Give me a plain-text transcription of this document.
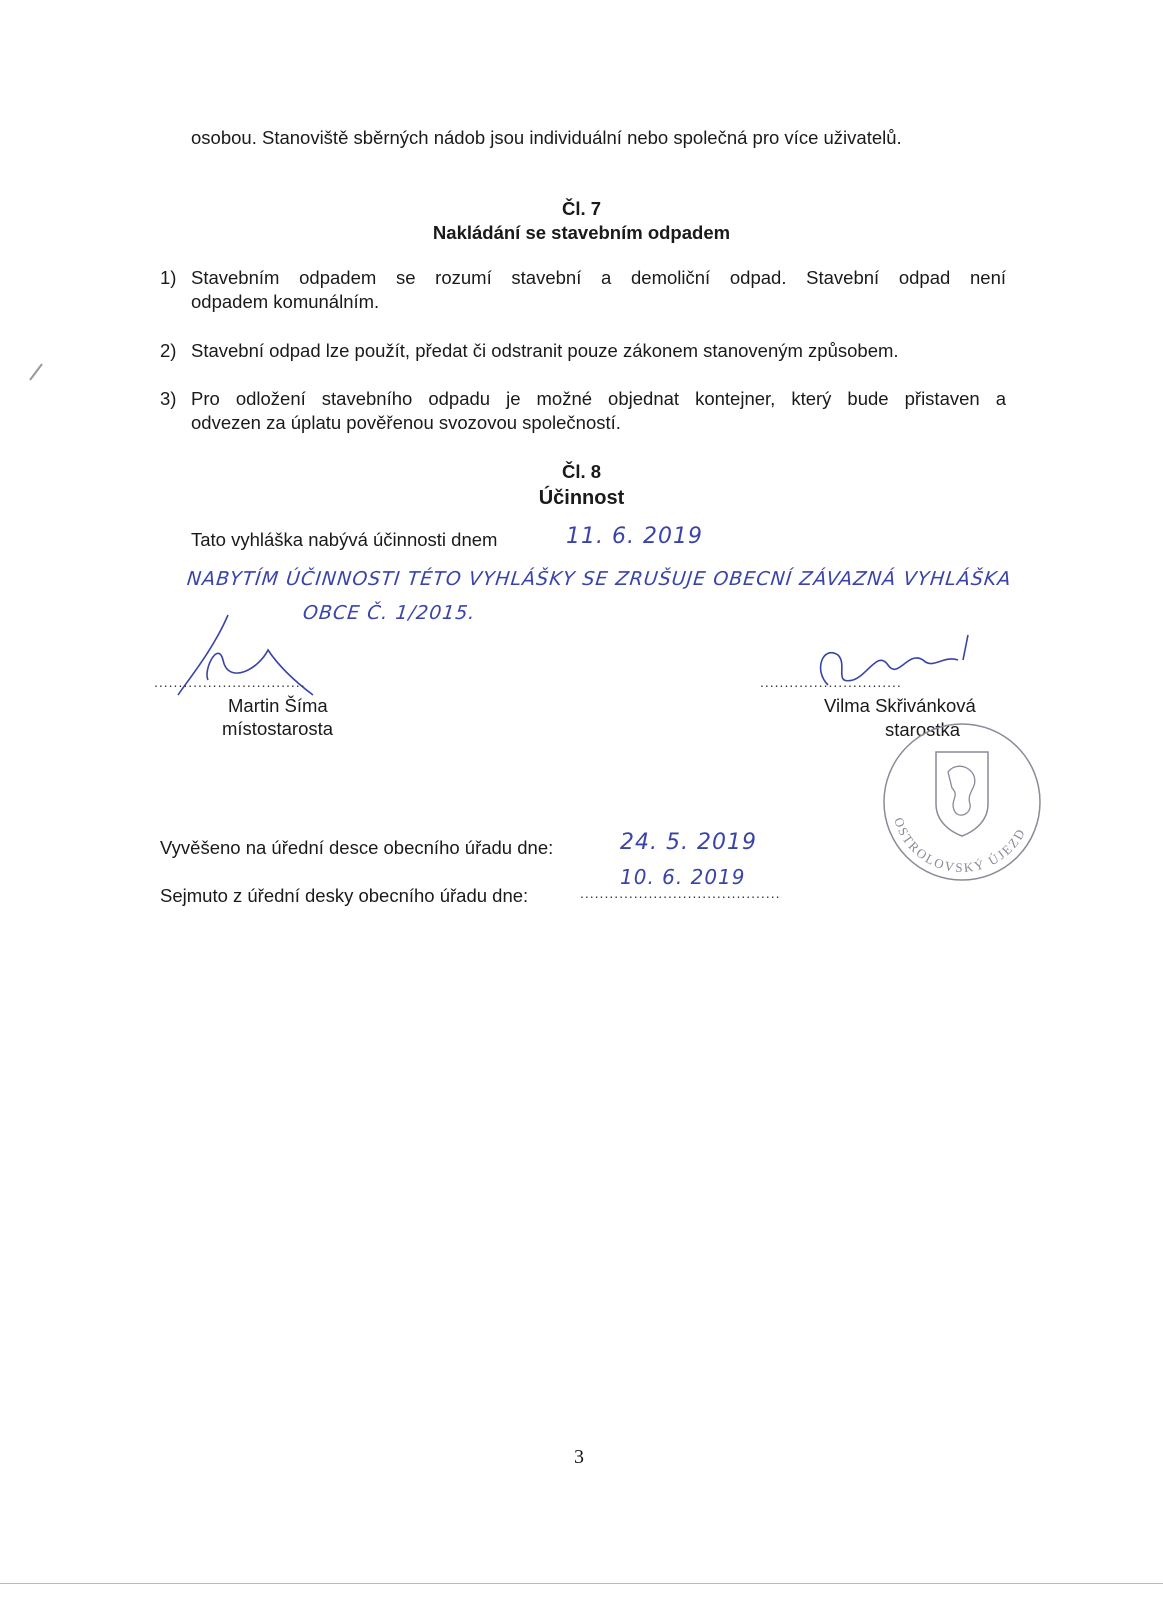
osobou. Stanoviště sběrných nádob jsou individuální nebo společná pro více uživatelů.
Čl. 7
Nakládání se stavebním odpadem
1) Stavebním odpadem se rozumí stavební a demoliční odpad. Stavební odpad není
odpadem komunálním.
2) Stavební odpad lze použít, předat či odstranit pouze zákonem stanoveným způsobem.
3) Pro odložení stavebního odpadu je možné objednat kontejner, který bude přistaven a
odvezen za úplatu pověřenou svozovou společností.
Čl. 8
Účinnost
Tato vyhláška nabývá účinnosti dnem	11. 6. 2019
NABYTÍM ÚČINNOSTI TÉTO VYHLÁŠKY SE ZRUŠUJE OBECNÍ ZÁVAZNÁ VYHLÁŠKA
OBCE Č. 1/2015.
...............................
Martin Šíma
místostarosta
.............................
Vilma Skřivánková
starostka
OSTROLOVSKÝ ÚJEZD
Vyvěšeno na úřední desce obecního úřadu dne:	24. 5. 2019
Sejmuto z úřední desky obecního úřadu dne:	.........................................
10. 6. 2019
3
